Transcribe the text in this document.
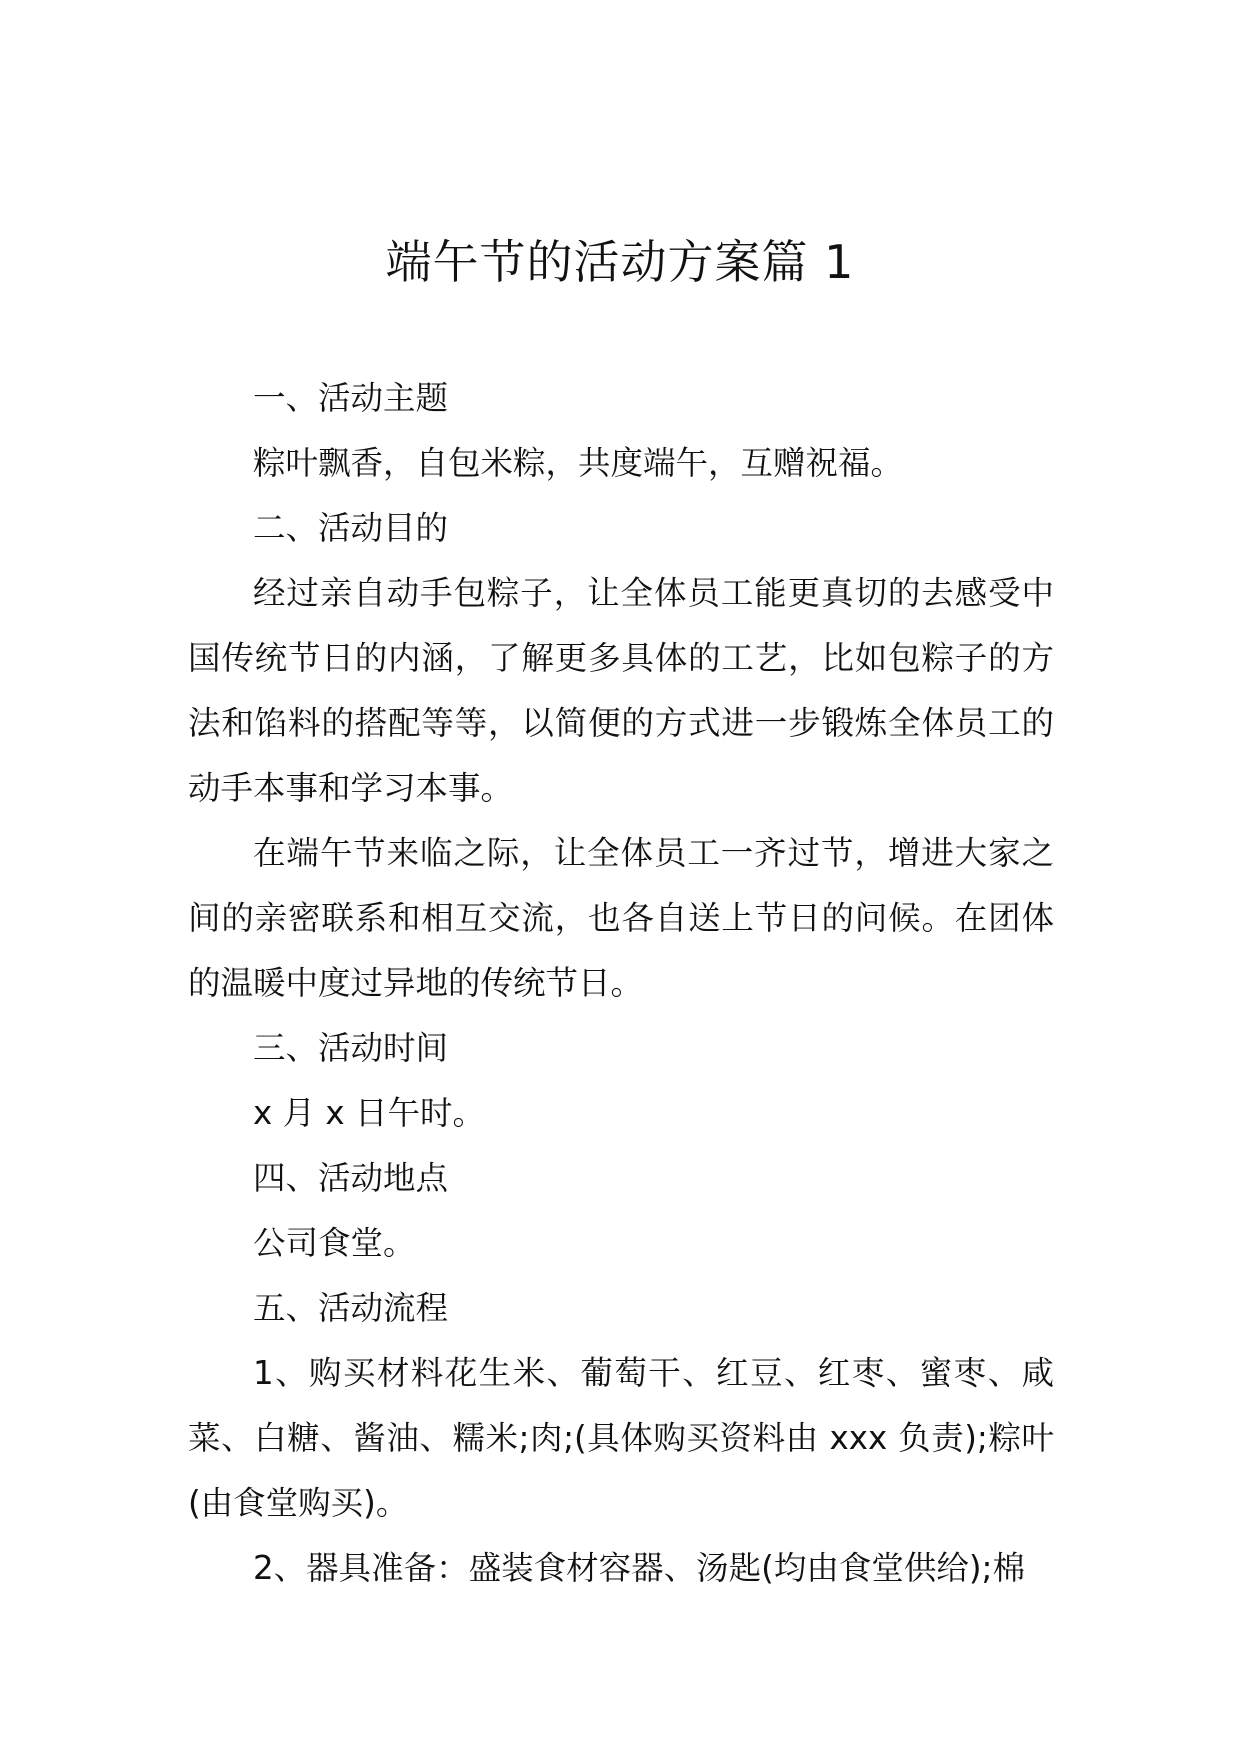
端午节的活动方案篇 1

一、活动主题

粽叶飘香，自包米粽，共度端午，互赠祝福。

二、活动目的

经过亲自动手包粽子，让全体员工能更真切的去感受中国传统节日的内涵，了解更多具体的工艺，比如包粽子的方法和馅料的搭配等等，以简便的方式进一步锻炼全体员工的动手本事和学习本事。

在端午节来临之际，让全体员工一齐过节，增进大家之间的亲密联系和相互交流，也各自送上节日的问候。在团体的温暖中度过异地的传统节日。

三、活动时间

x 月 x 日午时。

四、活动地点

公司食堂。

五、活动流程

1、购买材料花生米、葡萄干、红豆、红枣、蜜枣、咸菜、白糖、酱油、糯米;肉;(具体购买资料由 xxx 负责);粽叶(由食堂购买)。

2、器具准备：盛装食材容器、汤匙(均由食堂供给);棉
